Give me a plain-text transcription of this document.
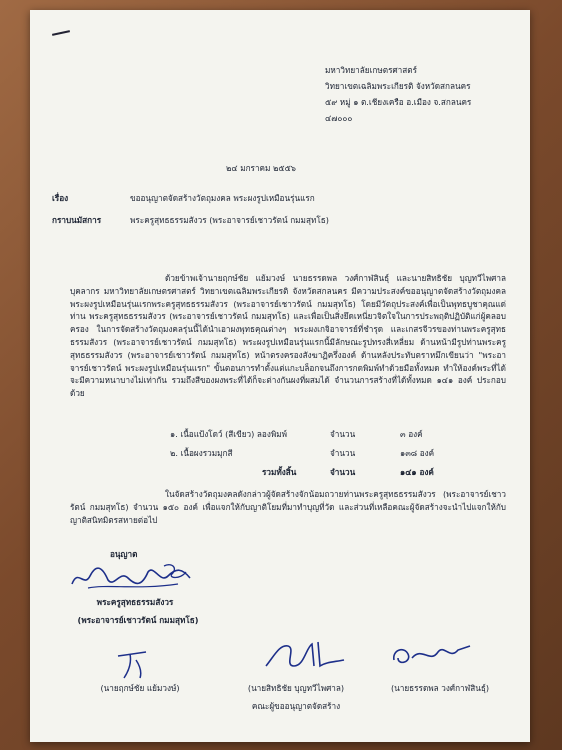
มหาวิทยาลัยเกษตรศาสตร์
วิทยาเขตเฉลิมพระเกียรติ จังหวัดสกลนคร
๕๙ หมู่ ๑ ต.เชียงเครือ อ.เมือง จ.สกลนคร
๔๗๐๐๐
๒๔ มกราคม ๒๕๕๖
เรื่อง	ขออนุญาตจัดสร้างวัตถุมงคล พระผงรูปเหมือนรุ่นแรก
กราบนมัสการ	พระครูสุทธธรรมสังวร (พระอาจารย์เชาวรัตน์ กมมสุทโธ)
ด้วยข้าพเจ้านายฤกษ์ชัย แย้มวงษ์ นายธรรดพล วงศ์กาฬสินธุ์ และนายสิทธิชัย บุญทวีไพศาล บุคลากร มหาวิทยาลัยเกษตรศาสตร์ วิทยาเขตเฉลิมพระเกียรติ จังหวัดสกลนคร มีความประสงค์ขออนุญาตจัดสร้างวัตถุมงคลพระผงรูปเหมือนรุ่นแรกพระครูสุทธธรรมสังวร (พระอาจารย์เชาวรัตน์ กมมสุทโธ) โดยมีวัตถุประสงค์เพื่อเป็นพุทธบูชาคุณแด่ท่าน พระครูสุทธธรรมสังวร (พระอาจารย์เชาวรัตน์ กมมสุทโธ) และเพื่อเป็นสิ่งยึดเหนี่ยวจิตใจในการประพฤติปฏิบัติแก่ผู้คลอบครอง ในการจัดสร้างวัตถุมงคลรุ่นนี้ได้นำเอาผงพุทธคุณต่างๆ พระผงเกจิอาจารย์ที่ชำรุด และเกสรจีวรของท่านพระครูสุทธธรรมสังวร (พระอาจารย์เชาวรัตน์ กมมสุทโธ) พระผงรูปเหมือนรุ่นแรกนี้มีลักษณะรูปทรงสี่เหลี่ยม ด้านหน้ามีรูปท่านพระครูสุทธธรรมสังวร (พระอาจารย์เชาวรัตน์ กมมสุทโธ) หน้าตรงครองสังฆาฏิครึ่งองค์ ด้านหลังประทับตราหมึกเขียนว่า "พระอาจารย์เชาวรัตน์ พระผงรูปเหมือนรุ่นแรก" ขั้นตอนการทำตั้งแต่แกะบล็อกจนถึงการกดพิมพ์ทำด้วยมือทั้งหมด ทำให้องค์พระที่ได้จะมีความหนาบางไม่เท่ากัน รวมถึงสีของผงพระที่ได้ก็จะต่างกันผงที่ผสมได้ จำนวนการสร้างที่ได้ทั้งหมด ๑๔๑ องค์ ประกอบด้วย
๑. เนื้อแป้งโดว์ (สีเขียว) ลองพิมพ์	จำนวน	๓ องค์
๒. เนื้อผงรวมมุกสี	จำนวน	๑๓๘ องค์
รวมทั้งสิ้น	จำนวน	๑๔๑ องค์
ในจัดสร้างวัตถุมงคลดังกล่าวผู้จัดสร้างจักน้อมถวายท่านพระครูสุทธธรรมสังวร (พระอาจารย์เชาวรัตน์ กมมสุทโธ) จำนวน ๑๕๐ องค์ เพื่อแจกให้กับญาติโยมที่มาทำบุญที่วัด และส่วนที่เหลือคณะผู้จัดสร้างจะนำไปแจกให้กับญาติสนิทมิตรสหายต่อไป
อนุญาต
พระครูสุทธธรรมสังวร
(พระอาจารย์เชาวรัตน์ กมมสุทโธ)
(นายฤกษ์ชัย แย้มวงษ์)	(นายสิทธิชัย บุญทวีไพศาล)	(นายธรรดพล วงศ์กาฬสินธุ์)
คณะผู้ขออนุญาตจัดสร้าง
